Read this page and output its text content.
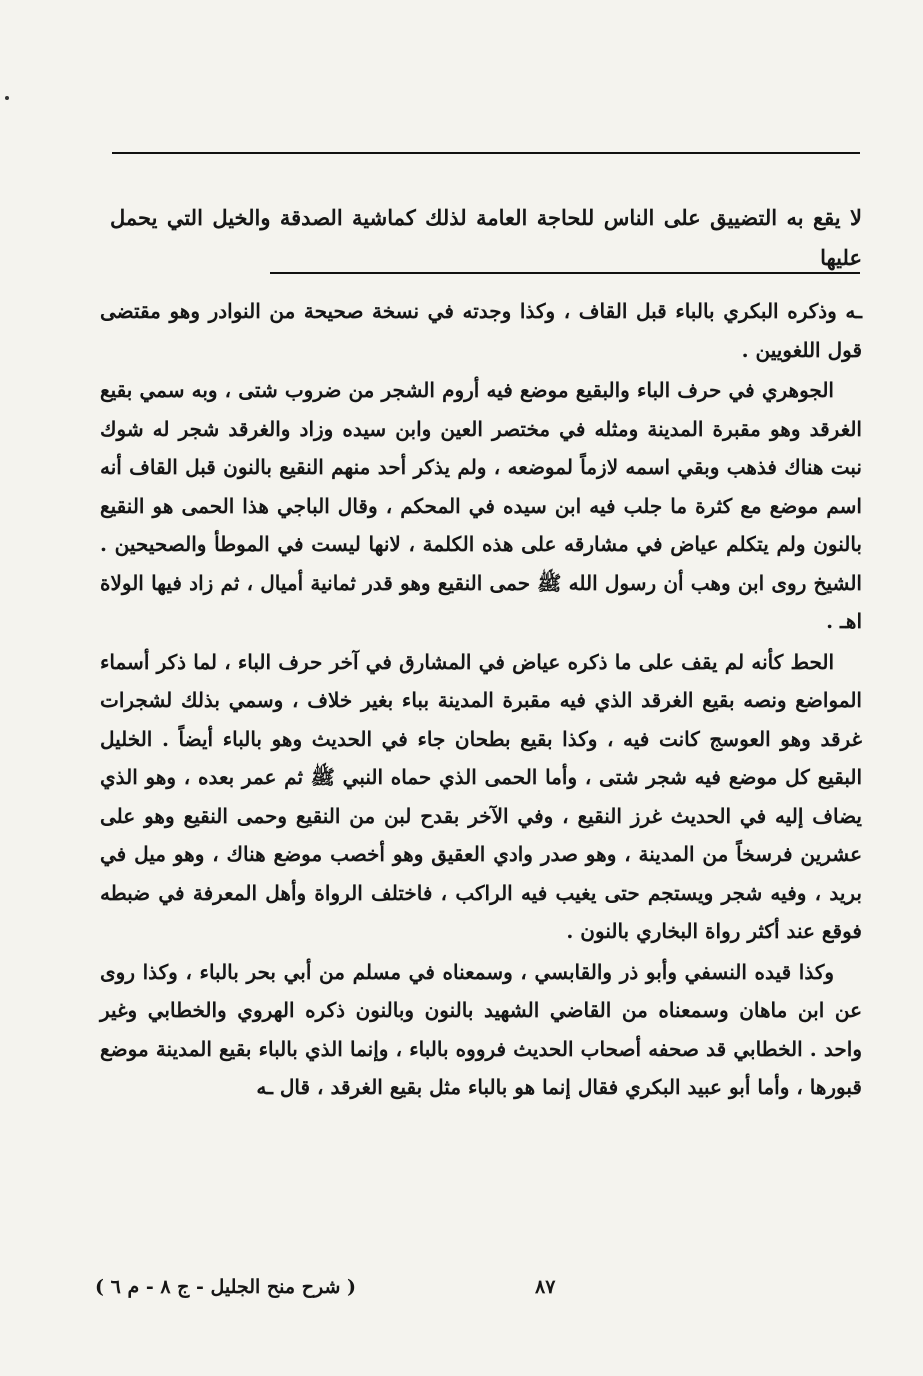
لا يقع به التضييق على الناس للحاجة العامة لذلك كماشية الصدقة والخيل التي يحمل عليها

ـه وذكره البكري بالباء قبل القاف ، وكذا وجدته في نسخة صحيحة من النوادر وهو مقتضى قول اللغويين .

الجوهري في حرف الباء والبقيع موضع فيه أروم الشجر من ضروب شتى ، وبه سمي بقيع الغرقد وهو مقبرة المدينة ومثله في مختصر العين وابن سيده وزاد والغرقد شجر له شوك نبت هناك فذهب وبقي اسمه لازماً لموضعه ، ولم يذكر أحد منهم النقيع بالنون قبل القاف أنه اسم موضع مع كثرة ما جلب فيه ابن سيده في المحكم ، وقال الباجي هذا الحمى هو النقيع بالنون ولم يتكلم عياض في مشارقه على هذه الكلمة ، لانها ليست في الموطأ والصحيحين . الشيخ روى ابن وهب أن رسول الله ﷺ حمى النقيع وهو قدر ثمانية أميال ، ثم زاد فيها الولاة اهـ .

الحط كأنه لم يقف على ما ذكره عياض في المشارق في آخر حرف الباء ، لما ذكر أسماء المواضع ونصه بقيع الغرقد الذي فيه مقبرة المدينة بباء بغير خلاف ، وسمي بذلك لشجرات غرقد وهو العوسج كانت فيه ، وكذا بقيع بطحان جاء في الحديث وهو بالباء أيضاً . الخليل البقيع كل موضع فيه شجر شتى ، وأما الحمى الذي حماه النبي ﷺ ثم عمر بعده ، وهو الذي يضاف إليه في الحديث غرز النقيع ، وفي الآخر بقدح لبن من النقيع وحمى النقيع وهو على عشرين فرسخاً من المدينة ، وهو صدر وادي العقيق وهو أخصب موضع هناك ، وهو ميل في بريد ، وفيه شجر ويستجم حتى يغيب فيه الراكب ، فاختلف الرواة وأهل المعرفة في ضبطه فوقع عند أكثر رواة البخاري بالنون .

وكذا قيده النسفي وأبو ذر والقابسي ، وسمعناه في مسلم من أبي بحر بالباء ، وكذا روى عن ابن ماهان وسمعناه من القاضي الشهيد بالنون وبالنون ذكره الهروي والخطابي وغير واحد . الخطابي قد صحفه أصحاب الحديث فرووه بالباء ، وإنما الذي بالباء بقيع المدينة موضع قبورها ، وأما أبو عبيد البكري فقال إنما هو بالباء مثل بقيع الغرقد ، قال ـه

( شرح منح الجليل - ج ٨ - م ٦ )	٨٧
